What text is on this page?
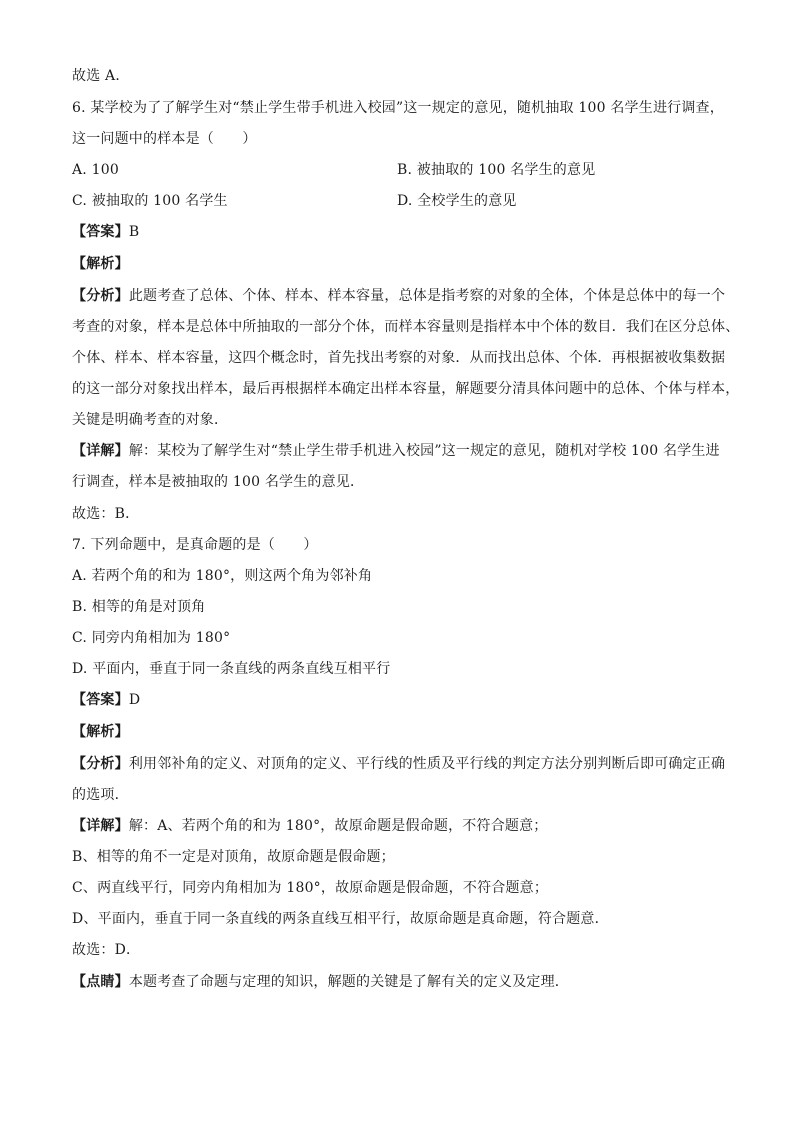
故选 A．
6. 某学校为了了解学生对“禁止学生带手机进入校园”这一规定的意见，随机抽取 100 名学生进行调查，
这一问题中的样本是（　　）
A. 100	B. 被抽取的 100 名学生的意见
C. 被抽取的 100 名学生	D. 全校学生的意见
【答案】B
【解析】
【分析】此题考查了总体、个体、样本、样本容量，总体是指考察的对象的全体，个体是总体中的每一个
考查的对象，样本是总体中所抽取的一部分个体，而样本容量则是指样本中个体的数目．我们在区分总体、
个体、样本、样本容量，这四个概念时，首先找出考察的对象．从而找出总体、个体．再根据被收集数据
的这一部分对象找出样本，最后再根据样本确定出样本容量，解题要分清具体问题中的总体、个体与样本，
关键是明确考查的对象．
【详解】解：某校为了解学生对“禁止学生带手机进入校园”这一规定的意见，随机对学校 100 名学生进
行调查，样本是被抽取的 100 名学生的意见．
故选：B．
7. 下列命题中，是真命题的是（　　）
A. 若两个角的和为 180°，则这两个角为邻补角
B. 相等的角是对顶角
C. 同旁内角相加为 180°
D. 平面内，垂直于同一条直线的两条直线互相平行
【答案】D
【解析】
【分析】利用邻补角的定义、对顶角的定义、平行线的性质及平行线的判定方法分别判断后即可确定正确
的选项．
【详解】解：A、若两个角的和为 180°，故原命题是假命题，不符合题意；
B、相等的角不一定是对顶角，故原命题是假命题；
C、两直线平行，同旁内角相加为 180°，故原命题是假命题，不符合题意；
D、平面内，垂直于同一条直线的两条直线互相平行，故原命题是真命题，符合题意．
故选：D．
【点睛】本题考查了命题与定理的知识，解题的关键是了解有关的定义及定理．
